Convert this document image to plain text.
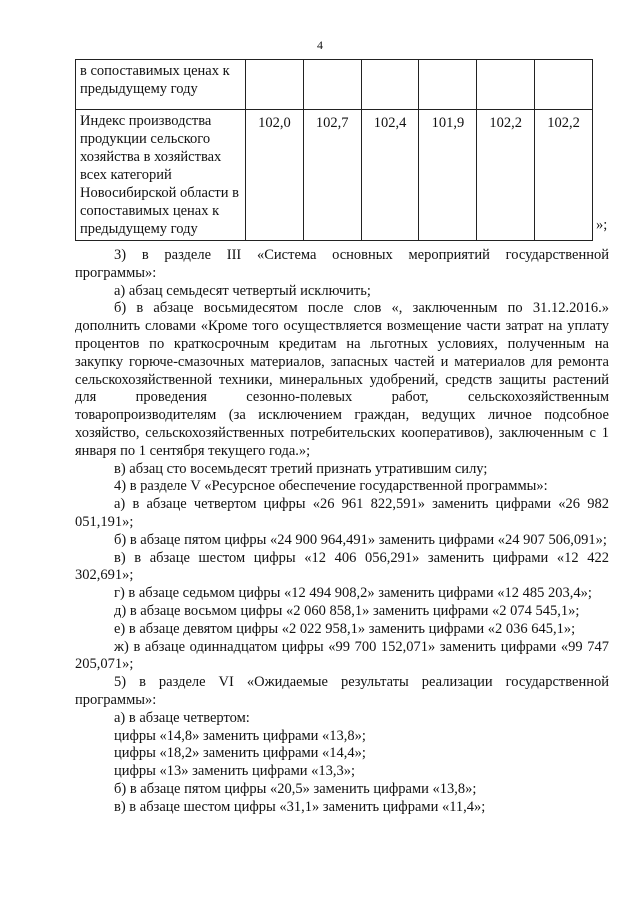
4
в сопоставимых ценах к предыдущему году						
Индекс производства продукции сельского хозяйства в хозяйствах всех категорий Новосибирской области в сопоставимых ценах к предыдущему году	102,0	102,7	102,4	101,9	102,2	102,2
»;

3) в разделе III «Система основных мероприятий государственной программы»:

а) абзац семьдесят четвертый исключить;

б) в абзаце восьмидесятом после слов «, заключенным по 31.12.2016.» дополнить словами «Кроме того осуществляется возмещение части затрат на уплату процентов по краткосрочным кредитам на льготных условиях, полученным на закупку горюче-смазочных материалов, запасных частей и материалов для ремонта сельскохозяйственной техники, минеральных удобрений, средств защиты растений для проведения сезонно-полевых работ, сельскохозяйственным товаропроизводителям (за исключением граждан, ведущих личное подсобное хозяйство, сельскохозяйственных потребительских кооперативов), заключенным с 1 января по 1 сентября текущего года.»;

в) абзац сто восемьдесят третий признать утратившим силу;

4) в разделе V «Ресурсное обеспечение государственной программы»:

а) в абзаце четвертом цифры «26 961 822,591» заменить цифрами «26 982 051,191»;

б) в абзаце пятом цифры «24 900 964,491» заменить цифрами «24 907 506,091»;

в) в абзаце шестом цифры «12 406 056,291» заменить цифрами «12 422 302,691»;

г) в абзаце седьмом цифры «12 494 908,2» заменить цифрами «12 485 203,4»;

д) в абзаце восьмом цифры «2 060 858,1» заменить цифрами «2 074 545,1»;

е) в абзаце девятом цифры «2 022 958,1» заменить цифрами «2 036 645,1»;

ж) в абзаце одиннадцатом цифры «99 700 152,071» заменить цифрами «99 747 205,071»;

5) в разделе VI «Ожидаемые результаты реализации государственной программы»:

а) в абзаце четвертом:

цифры «14,8» заменить цифрами «13,8»;

цифры «18,2» заменить цифрами «14,4»;

цифры «13» заменить цифрами «13,3»;

б) в абзаце пятом цифры «20,5» заменить цифрами «13,8»;

в) в абзаце шестом цифры «31,1» заменить цифрами «11,4»;
